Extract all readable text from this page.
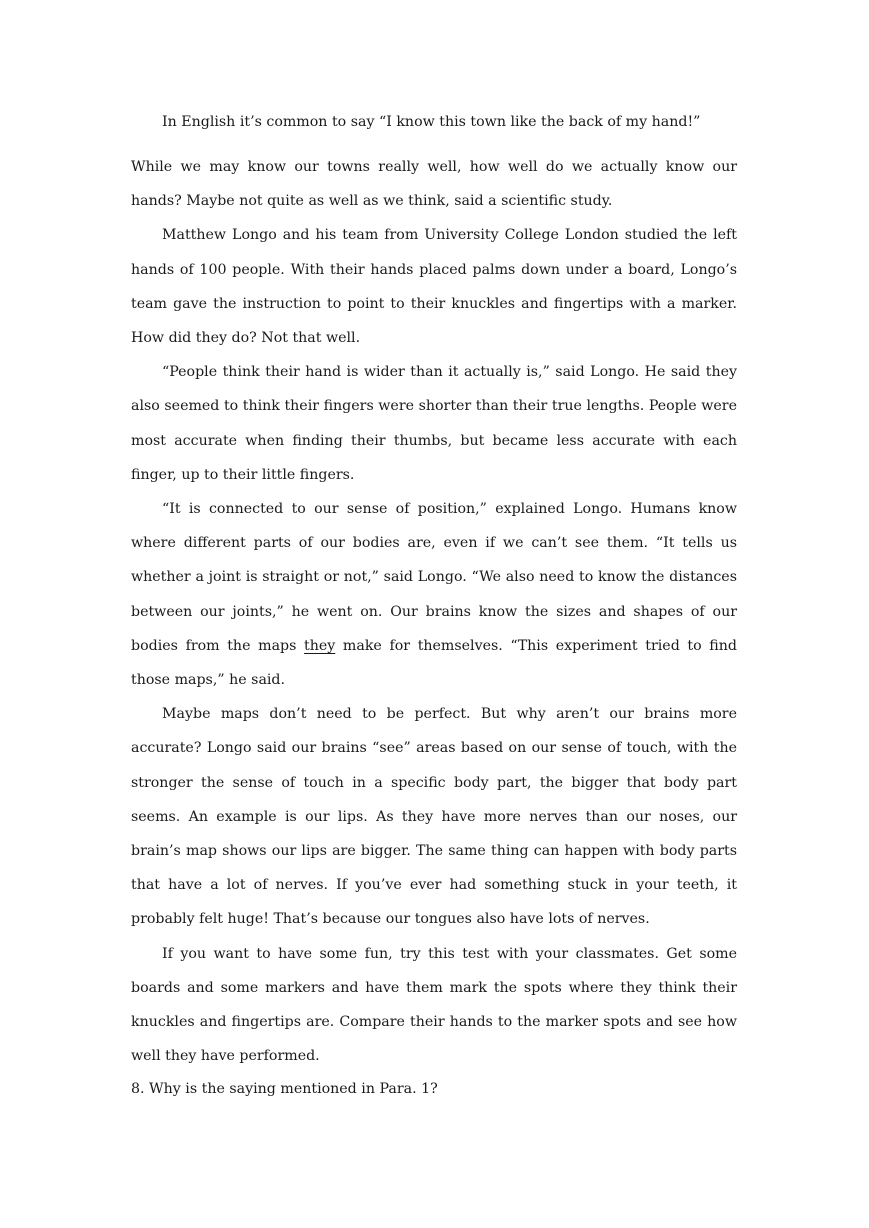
In English it’s common to say “I know this town like the back of my hand!”

While we may know our towns really well, how well do we actually know our hands? Maybe not quite as well as we think, said a scientific study.

Matthew Longo and his team from University College London studied the left hands of 100 people. With their hands placed palms down under a board, Longo’s team gave the instruction to point to their knuckles and fingertips with a marker. How did they do? Not that well.

“People think their hand is wider than it actually is,” said Longo. He said they also seemed to think their fingers were shorter than their true lengths. People were most accurate when finding their thumbs, but became less accurate with each finger, up to their little fingers.

“It is connected to our sense of position,” explained Longo. Humans know where different parts of our bodies are, even if we can’t see them. “It tells us whether a joint is straight or not,” said Longo. “We also need to know the distances between our joints,” he went on. Our brains know the sizes and shapes of our bodies from the maps they make for themselves. “This experiment tried to find those maps,” he said.

Maybe maps don’t need to be perfect. But why aren’t our brains more accurate? Longo said our brains “see” areas based on our sense of touch, with the stronger the sense of touch in a specific body part, the bigger that body part seems. An example is our lips. As they have more nerves than our noses, our brain’s map shows our lips are bigger. The same thing can happen with body parts that have a lot of nerves. If you’ve ever had something stuck in your teeth, it probably felt huge! That’s because our tongues also have lots of nerves.

If you want to have some fun, try this test with your classmates. Get some boards and some markers and have them mark the spots where they think their knuckles and fingertips are. Compare their hands to the marker spots and see how well they have performed.

8. Why is the saying mentioned in Para. 1?
